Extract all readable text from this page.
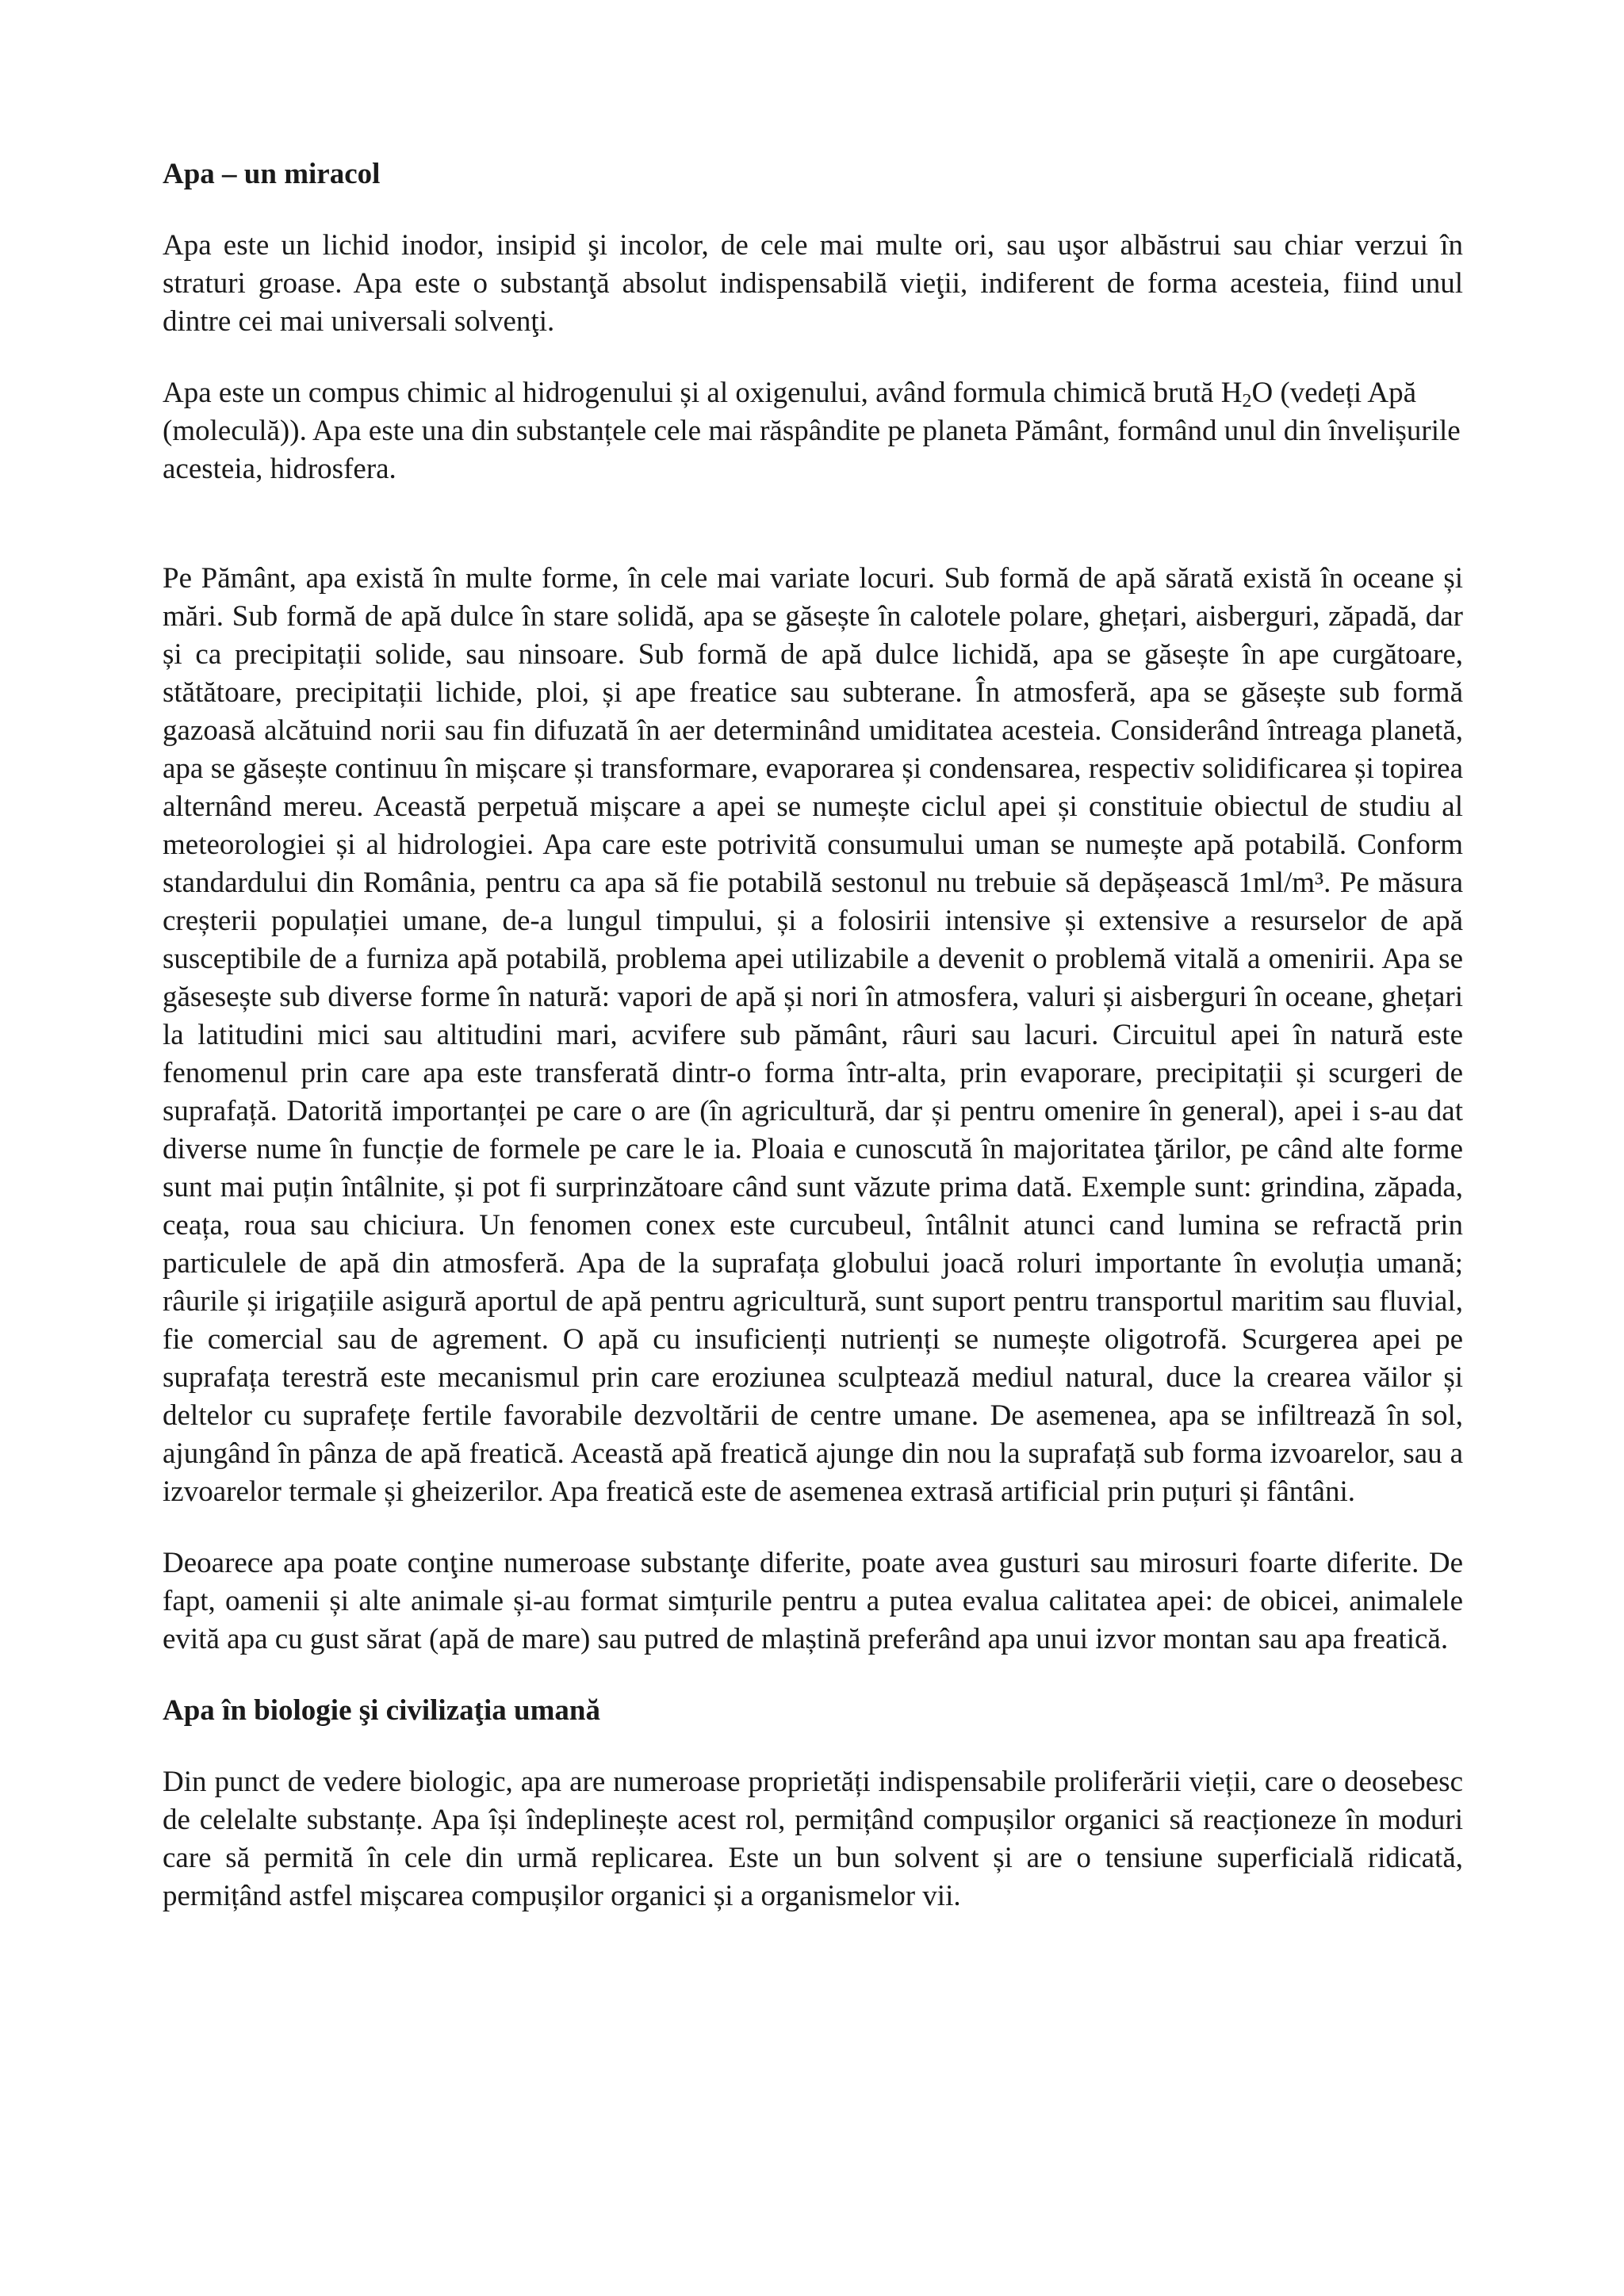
Apa – un miracol

Apa este un lichid inodor, insipid şi incolor, de cele mai multe ori, sau uşor albăstrui sau chiar verzui în straturi groase. Apa este o substanţă absolut indispensabilă vieţii, indiferent de forma acesteia, fiind unul dintre cei mai universali solvenţi.

Apa este un compus chimic al hidrogenului și al oxigenului, având formula chimică brută $H_2O$ (vedeți Apă (moleculă)). Apa este una din substanțele cele mai răspândite pe planeta Pământ, formând unul din învelișurile acesteia, hidrosfera.

Pe Pământ, apa există în multe forme, în cele mai variate locuri. Sub formă de apă sărată există în oceane și mări. Sub formă de apă dulce în stare solidă, apa se găsește în calotele polare, ghețari, aisberguri, zăpadă, dar și ca precipitații solide, sau ninsoare. Sub formă de apă dulce lichidă, apa se găsește în ape curgătoare, stătătoare, precipitații lichide, ploi, și ape freatice sau subterane. În atmosferă, apa se găsește sub formă gazoasă alcătuind norii sau fin difuzată în aer determinând umiditatea acesteia. Considerând întreaga planetă, apa se găsește continuu în mișcare și transformare, evaporarea și condensarea, respectiv solidificarea și topirea alternând mereu. Această perpetuă mișcare a apei se numește ciclul apei și constituie obiectul de studiu al meteorologiei și al hidrologiei. Apa care este potrivită consumului uman se numește apă potabilă. Conform standardului din România, pentru ca apa să fie potabilă sestonul nu trebuie să depășească 1ml/m³. Pe măsura creșterii populației umane, de-a lungul timpului, și a folosirii intensive și extensive a resurselor de apă susceptibile de a furniza apă potabilă, problema apei utilizabile a devenit o problemă vitală a omenirii. Apa se găsesește sub diverse forme în natură: vapori de apă și nori în atmosfera, valuri și aisberguri în oceane, ghețari la latitudini mici sau altitudini mari, acvifere sub pământ, râuri sau lacuri. Circuitul apei în natură este fenomenul prin care apa este transferată dintr-o forma într-alta, prin evaporare, precipitații și scurgeri de suprafață. Datorită importanței pe care o are (în agricultură, dar și pentru omenire în general), apei i s-au dat diverse nume în funcție de formele pe care le ia. Ploaia e cunoscută în majoritatea ţărilor, pe când alte forme sunt mai puțin întâlnite, și pot fi surprinzătoare când sunt văzute prima dată. Exemple sunt: grindina, zăpada, ceața, roua sau chiciura. Un fenomen conex este curcubeul, întâlnit atunci cand lumina se refractă prin particulele de apă din atmosferă. Apa de la suprafața globului joacă roluri importante în evoluția umană; râurile și irigațiile asigură aportul de apă pentru agricultură, sunt suport pentru transportul maritim sau fluvial, fie comercial sau de agrement. O apă cu insuficienți nutrienți se numește oligotrofă. Scurgerea apei pe suprafața terestră este mecanismul prin care eroziunea sculptează mediul natural, duce la crearea văilor și deltelor cu suprafețe fertile favorabile dezvoltării de centre umane. De asemenea, apa se infiltrează în sol, ajungând în pânza de apă freatică. Această apă freatică ajunge din nou la suprafață sub forma izvoarelor, sau a izvoarelor termale și gheizerilor. Apa freatică este de asemenea extrasă artificial prin puțuri și fântâni.

Deoarece apa poate conţine numeroase substanţe diferite, poate avea gusturi sau mirosuri foarte diferite. De fapt, oamenii și alte animale și-au format simțurile pentru a putea evalua calitatea apei: de obicei, animalele evită apa cu gust sărat (apă de mare) sau putred de mlaștină preferând apa unui izvor montan sau apa freatică.

Apa în biologie şi civilizaţia umană

Din punct de vedere biologic, apa are numeroase proprietăți indispensabile proliferării vieții, care o deosebesc de celelalte substanțe. Apa își îndeplinește acest rol, permițând compușilor organici să reacționeze în moduri care să permită în cele din urmă replicarea. Este un bun solvent și are o tensiune superficială ridicată, permițând astfel mișcarea compușilor organici și a organismelor vii.
